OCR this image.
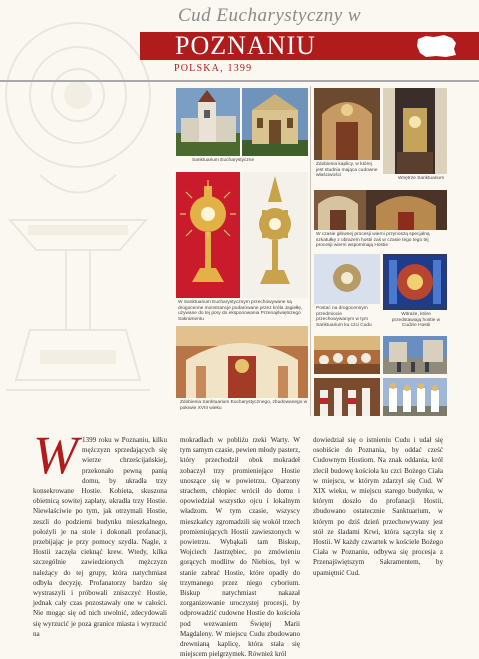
Cud Eucharystyczny w
POZNANIU
POLSKA, 1399
Sanktuarium Eucharystyczne
W Sanktuarium Eucharystycznym przechowywane są drogocenne monstrancje podarowane przez króla Jagiełłę, używane do tej pory do eksponowania Przenajświętszego Sakramentu
Zdobienia Sanktuarium Eucharystycznego, zbudowanego w połowie XVIII wieku
Zdobienia kaplicy, w której jest studnia mająca cudowne właściwości
Wnętrze Sanktuarium
W czasie głównej procesji wierni przynoszą specjalną szkatułkę z obrazem hostii zaś w czasie tego tego tej procesji wierni wspominają Hostie
Postać na drogocennym przedmiocie przechowywanym w tym Sanktuarium ku czci Cudu
Witraże, które przedstawiają hostie w Cudzie Hostii
W 1399 roku w Poznaniu, kilku mężczyzn sprzedających się wierze chrześcijańskiej, przekonało pewną panią domu, by ukradła trzy konsekrowane Hostie. Kobieta, skuszona obietnicą sowitej zapłaty, ukradła trzy Hostie. Niewłaściwie po tym, jak otrzymali Hostie, zeszli do podziemi budynku mieszkalnego, położyli je na stole i dokonali profanacji, przebijając je przy pomocy szydła. Nagle, z Hostii zaczęła cieknąć krew. Wtedy, kilka szczególnie zawiedzionych mężczyzn należący do tej grupy, która natychmiast odbyła decyzję. Profanatorzy bardzo się wystraszyli i próbowali zniszczyć Hostie, jednak cały czas pozostawały one w całości. Nie mogąc się od nich uwolnić, zdecydowali się wyrzucić je poza granice miasta i wyrzucić na
mokradłach w pobliżu rzeki Warty. W tym samym czasie, pewien młody pasterz, który przechodził obok mokradeł zobaczył trzy promieniejące Hostie unoszące się w powietrzu. Oparzony strachem, chłopiec wrócił do domu i opowiedział wszystko ojcu i lokalnym władzom. W tym czasie, wszyscy mieszkańcy zgromadzili się wokół trzech promieniujących Hostii zawieszonych w powietrzu. Wybąkali tam Biskup, Wojciech Jastrzębiec, po zmówieniu gorących modlitw do Niebios, był w stanie zabrać Hostie, które opadły do trzymanego przez niego cyborium. Biskup natychmiast nakazał zorganizowanie uroczystej procesji, by odprowadzić cudowne Hostie do kościoła pod wezwaniem Świętej Marii Magdaleny. W miejscu Cudu zbudowano drewnianą kaplicę, która stała się miejscem pielgrzymek. Również król
dowiedział się o istnieniu Cudu i udał się osobiście do Poznania, by oddać cześć Cudownym Hostiom. Na znak oddania, król zlecił budowę kościoła ku czci Bożego Ciała w miejscu, w którym zdarzył się Cud. W XIX wieku, w miejscu starego budynku, w którym doszło do profanacji Hostii, zbudowano ostatecznie Sanktuarium, w którym po dziś dzień przechowywany jest stół ze śladami Krwi, która sączyła się z Hostii. W każdy czwartek w kościele Bożego Ciała w Poznaniu, odbywa się procesja z Przenajświętszym Sakramentem, by upamiętnić Cud.
